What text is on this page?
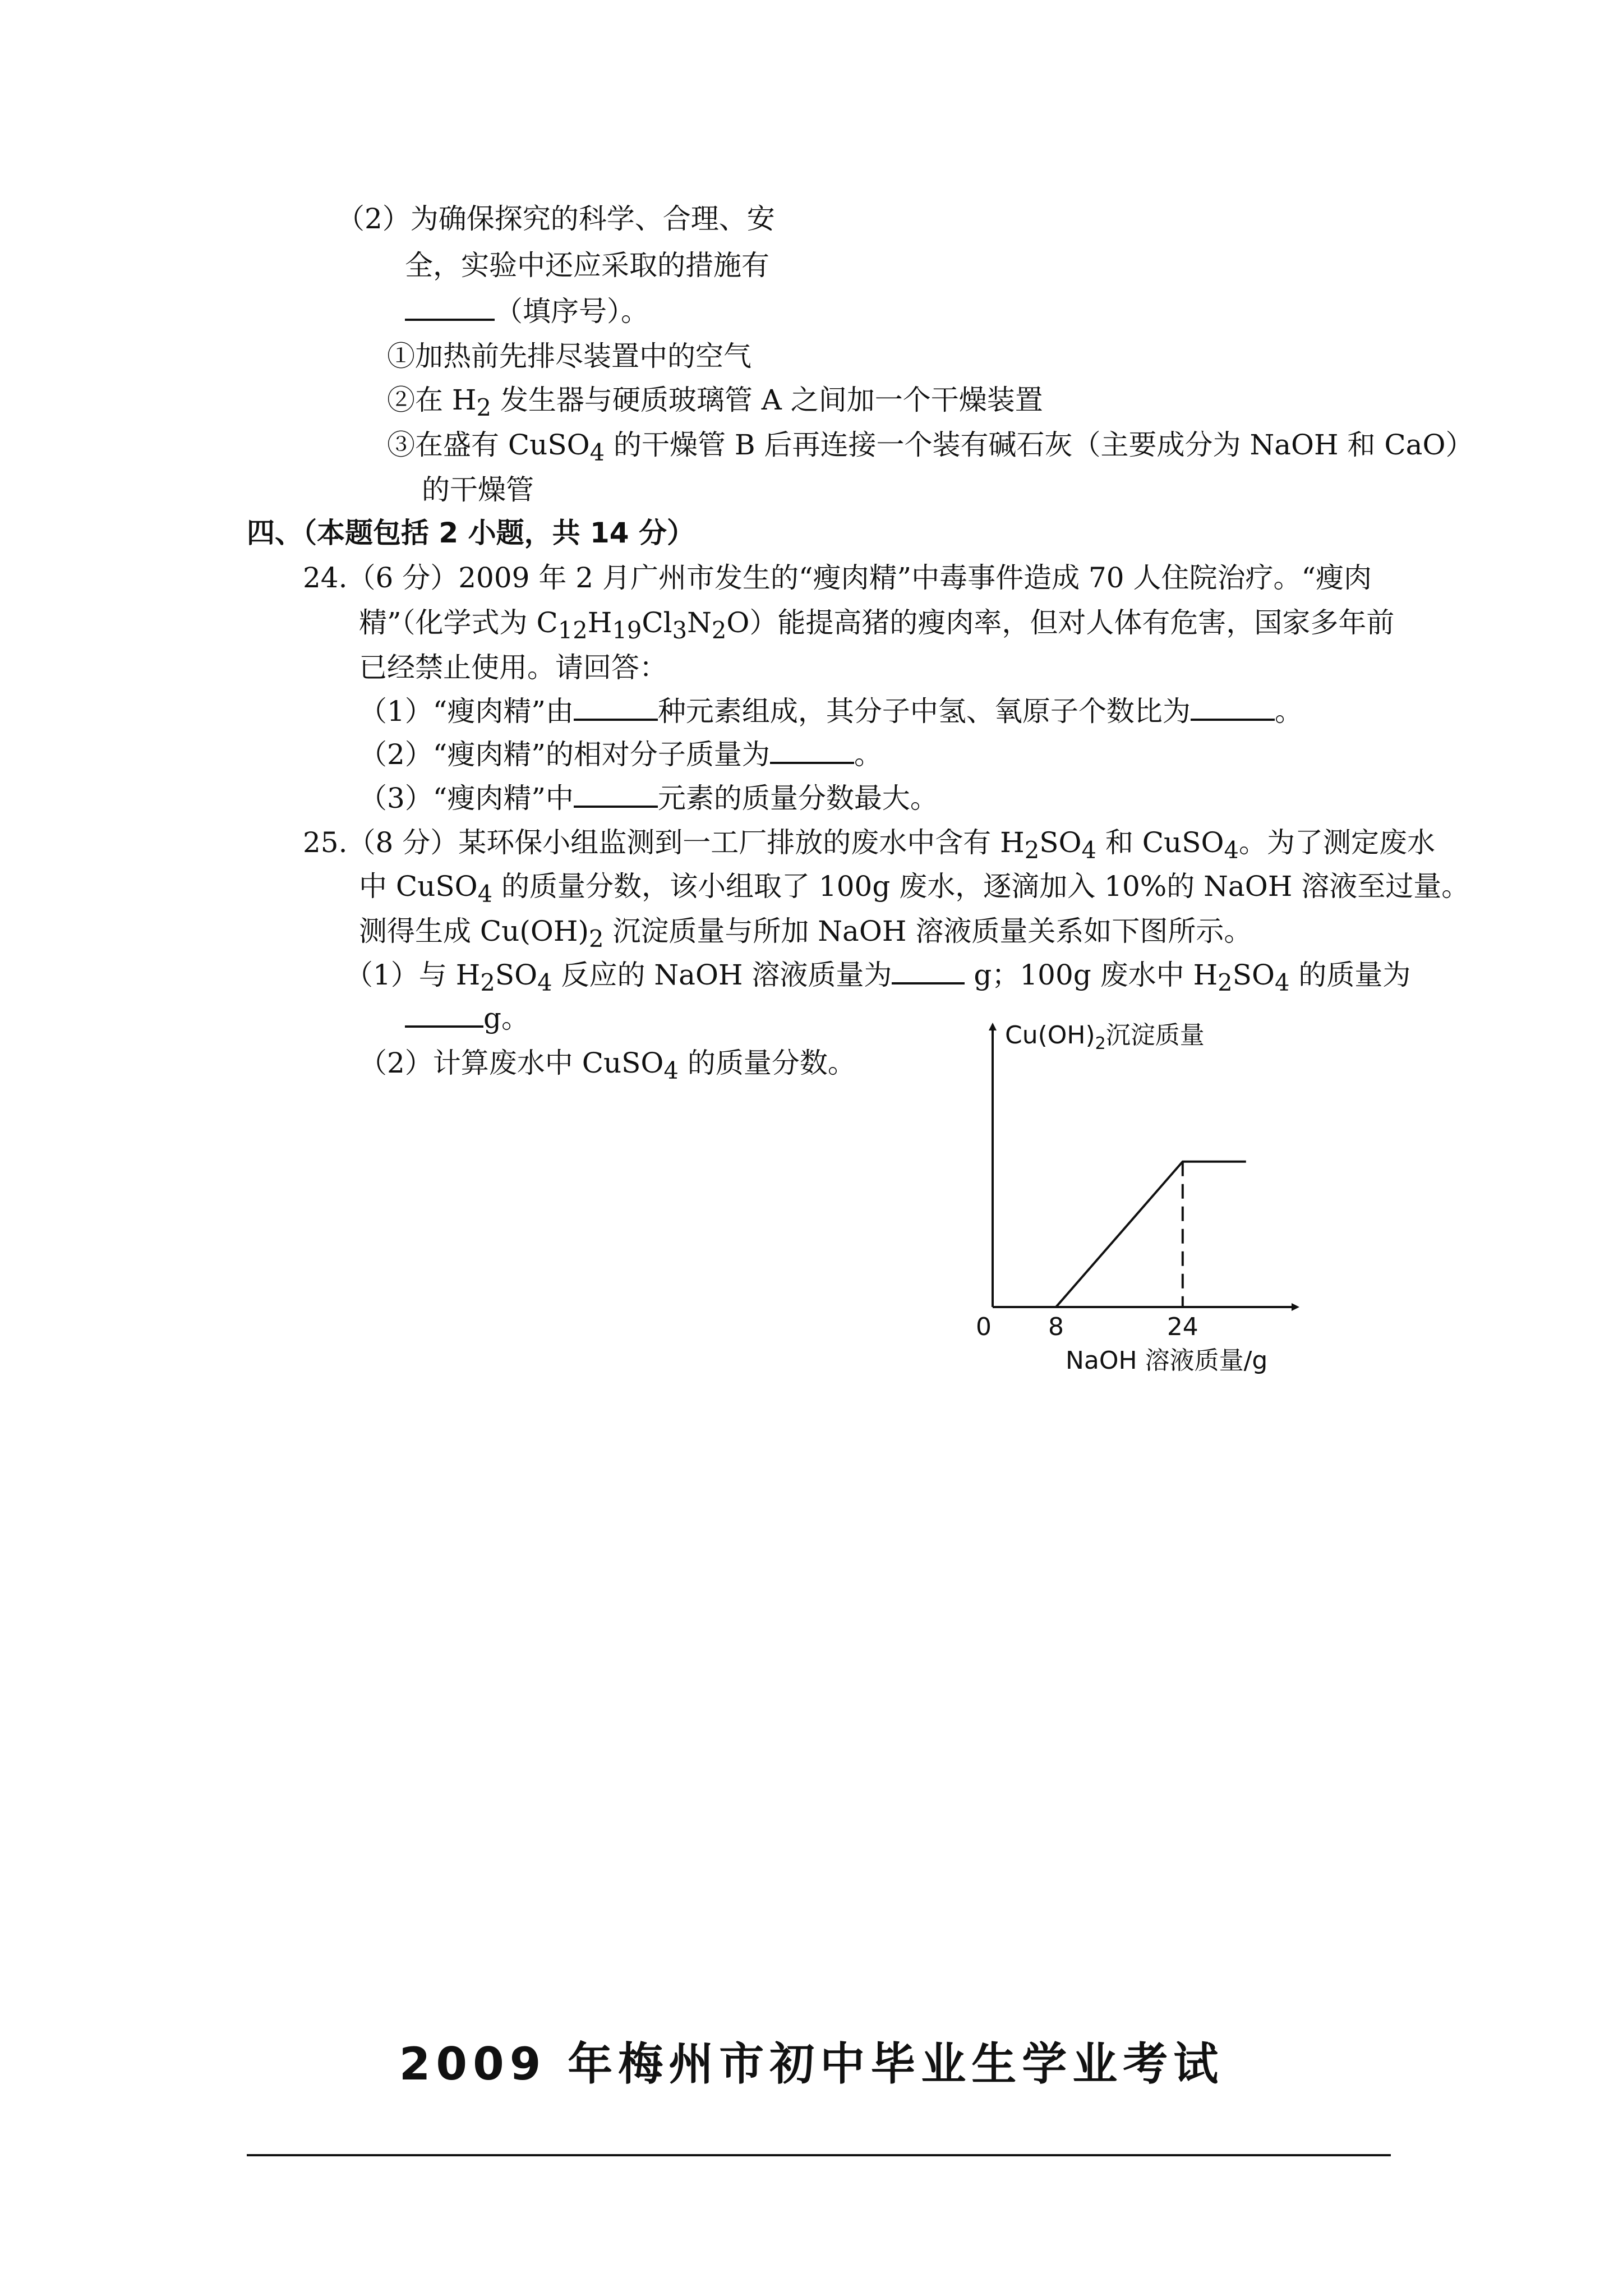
（2）为确保探究的科学、合理、安
全，实验中还应采取的措施有
（填序号）。
①加热前先排尽装置中的空气
②在 $H_2$ 发生器与硬质玻璃管 A 之间加一个干燥装置
③在盛有 CuSO$_4$ 的干燥管 B 后再连接一个装有碱石灰（主要成分为 NaOH 和 CaO）
的干燥管
四、（本题包括 2 小题，共 14 分）
24.（6 分）2009 年 2 月广州市发生的“瘦肉精”中毒事件造成 70 人住院治疗。“瘦肉
精”（化学式为 $C_{12}H_{19}Cl_3N_2O$）能提高猪的瘦肉率，但对人体有危害，国家多年前
已经禁止使用。请回答：
（1）“瘦肉精”由	种元素组成，其分子中氢、氧原子个数比为	。
（2）“瘦肉精”的相对分子质量为	。
（3）“瘦肉精”中	元素的质量分数最大。
25.（8 分）某环保小组监测到一工厂排放的废水中含有 $H_2SO_4$ 和 CuSO$_4$。为了测定废水
中 CuSO$_4$ 的质量分数，该小组取了 100g 废水，逐滴加入 10%的 NaOH 溶液至过量。
测得生成 $Cu(OH)_2$ 沉淀质量与所加 NaOH 溶液质量关系如下图所示。
（1）与 $H_2SO_4$ 反应的 NaOH 溶液质量为	g；100g 废水中 $H_2SO_4$ 的质量为
g。
（2）计算废水中 CuSO$_4$ 的质量分数。
$Cu(OH)_2$沉淀质量
0 8	24
NaOH 溶液质量/g
2009 年梅州市初中毕业生学业考试
